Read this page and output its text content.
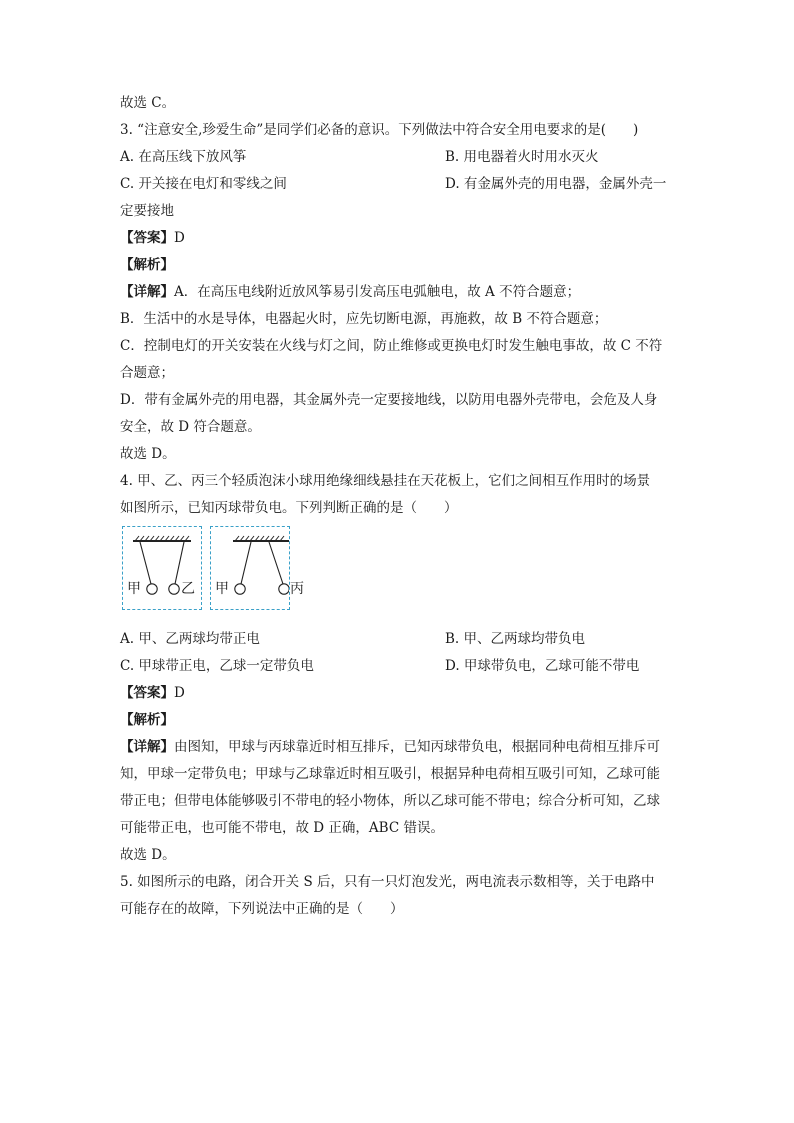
故选 C。
3. “注意安全,珍爱生命”是同学们必备的意识。下列做法中符合安全用电要求的是(　　)
A. 在高压线下放风筝	B. 用电器着火时用水灭火
C. 开关接在电灯和零线之间	D. 有金属外壳的用电器，金属外壳一
定要接地
【答案】D
【解析】
【详解】A．在高压电线附近放风筝易引发高压电弧触电，故 A 不符合题意；
B．生活中的水是导体，电器起火时，应先切断电源，再施救，故 B 不符合题意；
C．控制电灯的开关安装在火线与灯之间，防止维修或更换电灯时发生触电事故，故 C 不符
合题意；
D．带有金属外壳的用电器，其金属外壳一定要接地线，以防用电器外壳带电，会危及人身
安全，故 D 符合题意。
故选 D。
4. 甲、乙、丙三个轻质泡沫小球用绝缘细线悬挂在天花板上，它们之间相互作用时的场景
如图所示，已知丙球带负电。下列判断正确的是（　　）
甲	乙 甲	丙
A. 甲、乙两球均带正电	B. 甲、乙两球均带负电
C. 甲球带正电，乙球一定带负电	D. 甲球带负电，乙球可能不带电
【答案】D
【解析】
【详解】由图知，甲球与丙球靠近时相互排斥，已知丙球带负电，根据同种电荷相互排斥可
知，甲球一定带负电；甲球与乙球靠近时相互吸引，根据异种电荷相互吸引可知，乙球可能
带正电；但带电体能够吸引不带电的轻小物体，所以乙球可能不带电；综合分析可知，乙球
可能带正电，也可能不带电，故 D 正确，ABC 错误。
故选 D。
5. 如图所示的电路，闭合开关 S 后，只有一只灯泡发光，两电流表示数相等，关于电路中
可能存在的故障，下列说法中正确的是（　　）
